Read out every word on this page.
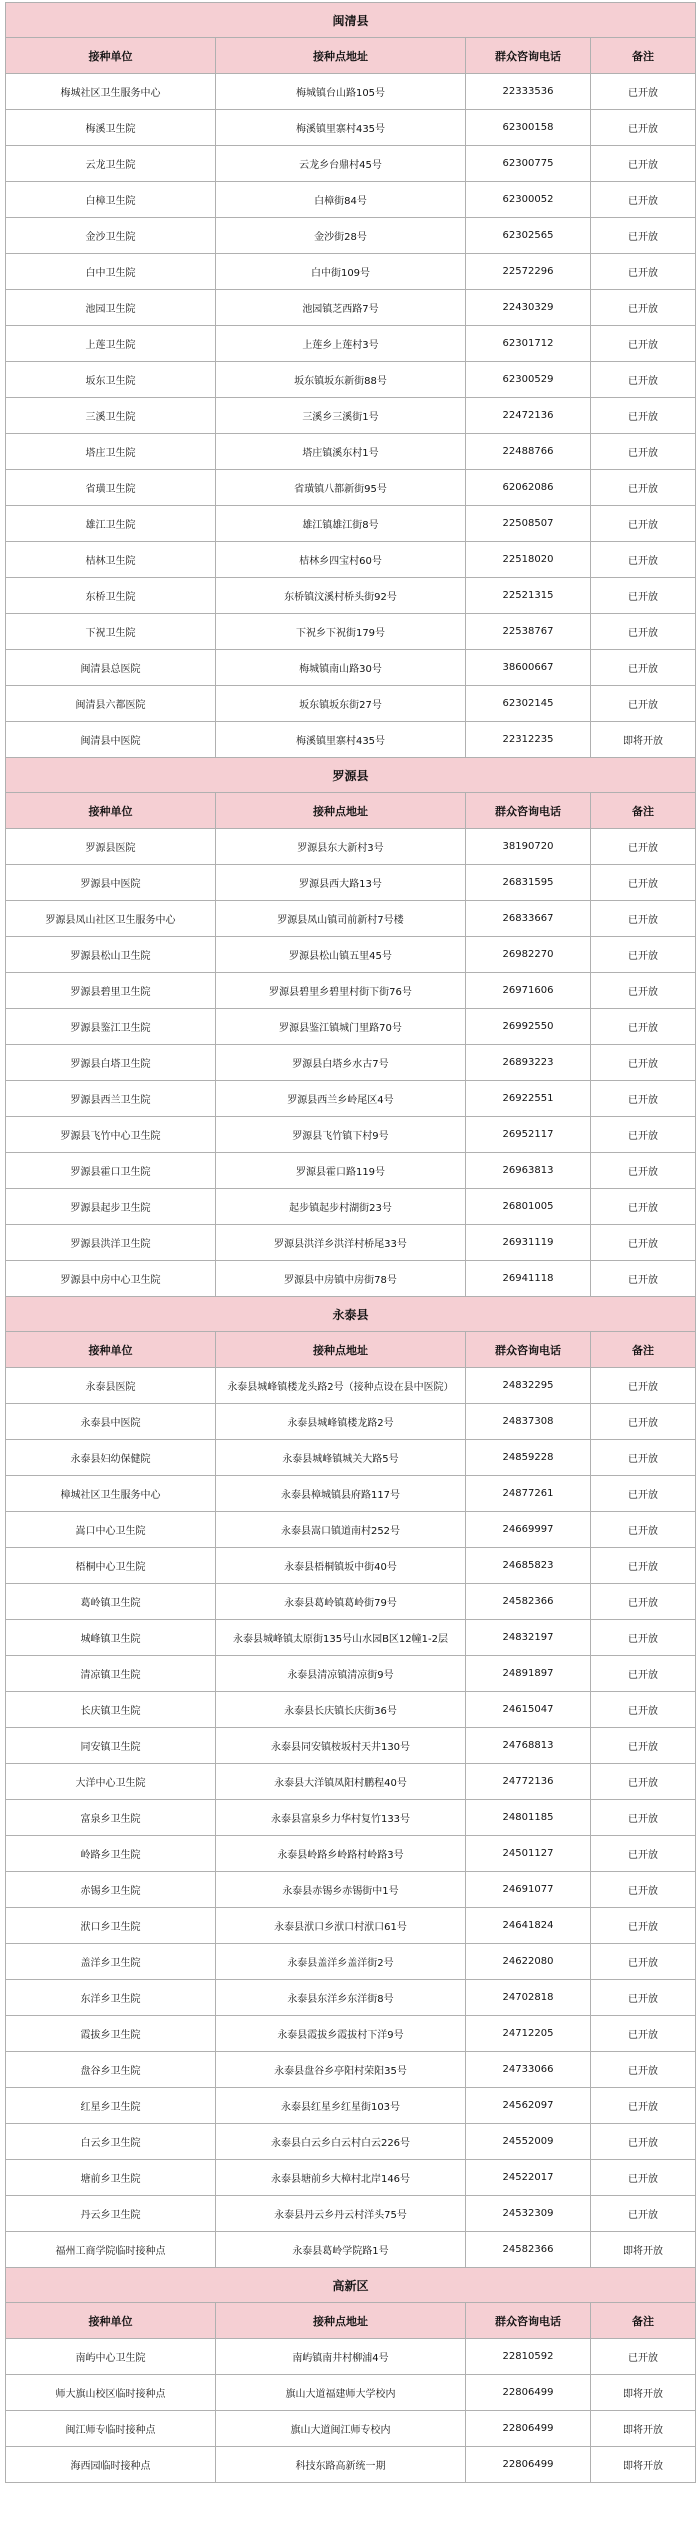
闽清县			
接种单位	接种点地址	群众咨询电话	备注
梅城社区卫生服务中心	梅城镇台山路105号	22333536	已开放
梅溪卫生院	梅溪镇里寨村435号	62300158	已开放
云龙卫生院	云龙乡台鼎村45号	62300775	已开放
白樟卫生院	白樟街84号	62300052	已开放
金沙卫生院	金沙街28号	62302565	已开放
白中卫生院	白中街109号	22572296	已开放
池园卫生院	池园镇芝西路7号	22430329	已开放
上莲卫生院	上莲乡上莲村3号	62301712	已开放
坂东卫生院	坂东镇坂东新街88号	62300529	已开放
三溪卫生院	三溪乡三溪街1号	22472136	已开放
塔庄卫生院	塔庄镇溪东村1号	22488766	已开放
省璜卫生院	省璜镇八都新街95号	62062086	已开放
雄江卫生院	雄江镇雄江街8号	22508507	已开放
桔林卫生院	桔林乡四宝村60号	22518020	已开放
东桥卫生院	东桥镇汶溪村桥头街92号	22521315	已开放
下祝卫生院	下祝乡下祝街179号	22538767	已开放
闽清县总医院	梅城镇南山路30号	38600667	已开放
闽清县六都医院	坂东镇坂东街27号	62302145	已开放
闽清县中医院	梅溪镇里寨村435号	22312235	即将开放
罗源县			
接种单位	接种点地址	群众咨询电话	备注
罗源县医院	罗源县东大新村3号	38190720	已开放
罗源县中医院	罗源县西大路13号	26831595	已开放
罗源县凤山社区卫生服务中心	罗源县凤山镇司前新村7号楼	26833667	已开放
罗源县松山卫生院	罗源县松山镇五里45号	26982270	已开放
罗源县碧里卫生院	罗源县碧里乡碧里村街下街76号	26971606	已开放
罗源县鉴江卫生院	罗源县鉴江镇城门里路70号	26992550	已开放
罗源县白塔卫生院	罗源县白塔乡水古7号	26893223	已开放
罗源县西兰卫生院	罗源县西兰乡岭尾区4号	26922551	已开放
罗源县飞竹中心卫生院	罗源县飞竹镇下村9号	26952117	已开放
罗源县霍口卫生院	罗源县霍口路119号	26963813	已开放
罗源县起步卫生院	起步镇起步村湖街23号	26801005	已开放
罗源县洪洋卫生院	罗源县洪洋乡洪洋村桥尾33号	26931119	已开放
罗源县中房中心卫生院	罗源县中房镇中房街78号	26941118	已开放
永泰县			
接种单位	接种点地址	群众咨询电话	备注
永泰县医院	永泰县城峰镇楼龙头路2号（接种点设在县中医院）	24832295	已开放
永泰县中医院	永泰县城峰镇楼龙路2号	24837308	已开放
永泰县妇幼保健院	永泰县城峰镇城关大路5号	24859228	已开放
樟城社区卫生服务中心	永泰县樟城镇县府路117号	24877261	已开放
嵩口中心卫生院	永泰县嵩口镇道南村252号	24669997	已开放
梧桐中心卫生院	永泰县梧桐镇坂中街40号	24685823	已开放
葛岭镇卫生院	永泰县葛岭镇葛岭街79号	24582366	已开放
城峰镇卫生院	永泰县城峰镇太原街135号山水园B区12幢1-2层	24832197	已开放
清凉镇卫生院	永泰县清凉镇清凉街9号	24891897	已开放
长庆镇卫生院	永泰县长庆镇长庆街36号	24615047	已开放
同安镇卫生院	永泰县同安镇桉坂村天井130号	24768813	已开放
大洋中心卫生院	永泰县大洋镇凤阳村鹏程40号	24772136	已开放
富泉乡卫生院	永泰县富泉乡力华村复竹133号	24801185	已开放
岭路乡卫生院	永泰县岭路乡岭路村岭路3号	24501127	已开放
赤锡乡卫生院	永泰县赤锡乡赤锡街中1号	24691077	已开放
洑口乡卫生院	永泰县洑口乡洑口村洑口61号	24641824	已开放
盖洋乡卫生院	永泰县盖洋乡盖洋街2号	24622080	已开放
东洋乡卫生院	永泰县东洋乡东洋街8号	24702818	已开放
霞拔乡卫生院	永泰县霞拔乡霞拔村下洋9号	24712205	已开放
盘谷乡卫生院	永泰县盘谷乡亭阳村荣阳35号	24733066	已开放
红星乡卫生院	永泰县红星乡红星街103号	24562097	已开放
白云乡卫生院	永泰县白云乡白云村白云226号	24552009	已开放
塘前乡卫生院	永泰县塘前乡大樟村北岸146号	24522017	已开放
丹云乡卫生院	永泰县丹云乡丹云村洋头75号	24532309	已开放
福州工商学院临时接种点	永泰县葛岭学院路1号	24582366	即将开放
高新区			
接种单位	接种点地址	群众咨询电话	备注
南屿中心卫生院	南屿镇南井村柳浦4号	22810592	已开放
师大旗山校区临时接种点	旗山大道福建师大学校内	22806499	即将开放
闽江师专临时接种点	旗山大道闽江师专校内	22806499	即将开放
海西园临时接种点	科技东路高新统一期	22806499	即将开放
